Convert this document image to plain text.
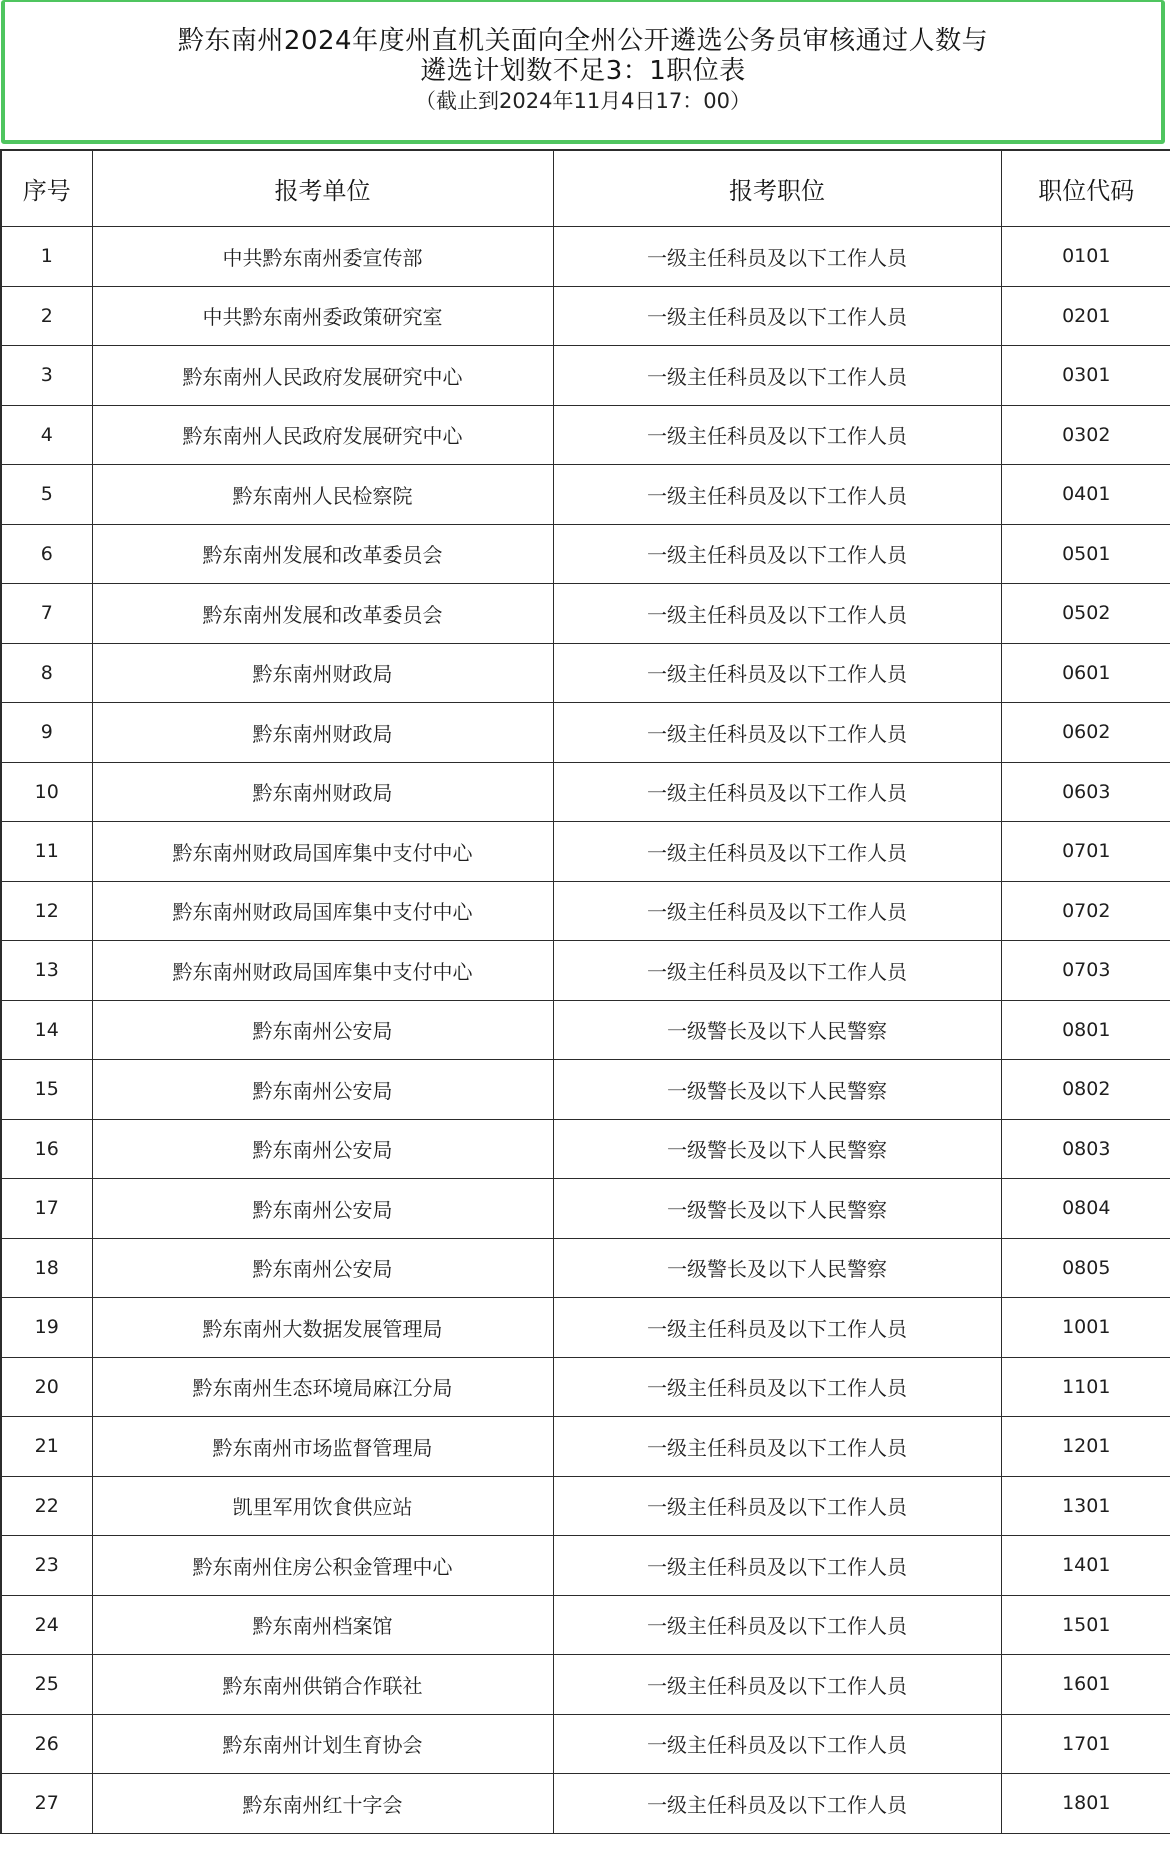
黔东南州2024年度州直机关面向全州公开遴选公务员审核通过人数与
遴选计划数不足3：1职位表
（截止到2024年11月4日17：00）
序号	报考单位	报考职位	职位代码
1	中共黔东南州委宣传部	一级主任科员及以下工作人员	0101
2	中共黔东南州委政策研究室	一级主任科员及以下工作人员	0201
3	黔东南州人民政府发展研究中心	一级主任科员及以下工作人员	0301
4	黔东南州人民政府发展研究中心	一级主任科员及以下工作人员	0302
5	黔东南州人民检察院	一级主任科员及以下工作人员	0401
6	黔东南州发展和改革委员会	一级主任科员及以下工作人员	0501
7	黔东南州发展和改革委员会	一级主任科员及以下工作人员	0502
8	黔东南州财政局	一级主任科员及以下工作人员	0601
9	黔东南州财政局	一级主任科员及以下工作人员	0602
10	黔东南州财政局	一级主任科员及以下工作人员	0603
11	黔东南州财政局国库集中支付中心	一级主任科员及以下工作人员	0701
12	黔东南州财政局国库集中支付中心	一级主任科员及以下工作人员	0702
13	黔东南州财政局国库集中支付中心	一级主任科员及以下工作人员	0703
14	黔东南州公安局	一级警长及以下人民警察	0801
15	黔东南州公安局	一级警长及以下人民警察	0802
16	黔东南州公安局	一级警长及以下人民警察	0803
17	黔东南州公安局	一级警长及以下人民警察	0804
18	黔东南州公安局	一级警长及以下人民警察	0805
19	黔东南州大数据发展管理局	一级主任科员及以下工作人员	1001
20	黔东南州生态环境局麻江分局	一级主任科员及以下工作人员	1101
21	黔东南州市场监督管理局	一级主任科员及以下工作人员	1201
22	凯里军用饮食供应站	一级主任科员及以下工作人员	1301
23	黔东南州住房公积金管理中心	一级主任科员及以下工作人员	1401
24	黔东南州档案馆	一级主任科员及以下工作人员	1501
25	黔东南州供销合作联社	一级主任科员及以下工作人员	1601
26	黔东南州计划生育协会	一级主任科员及以下工作人员	1701
27	黔东南州红十字会	一级主任科员及以下工作人员	1801
